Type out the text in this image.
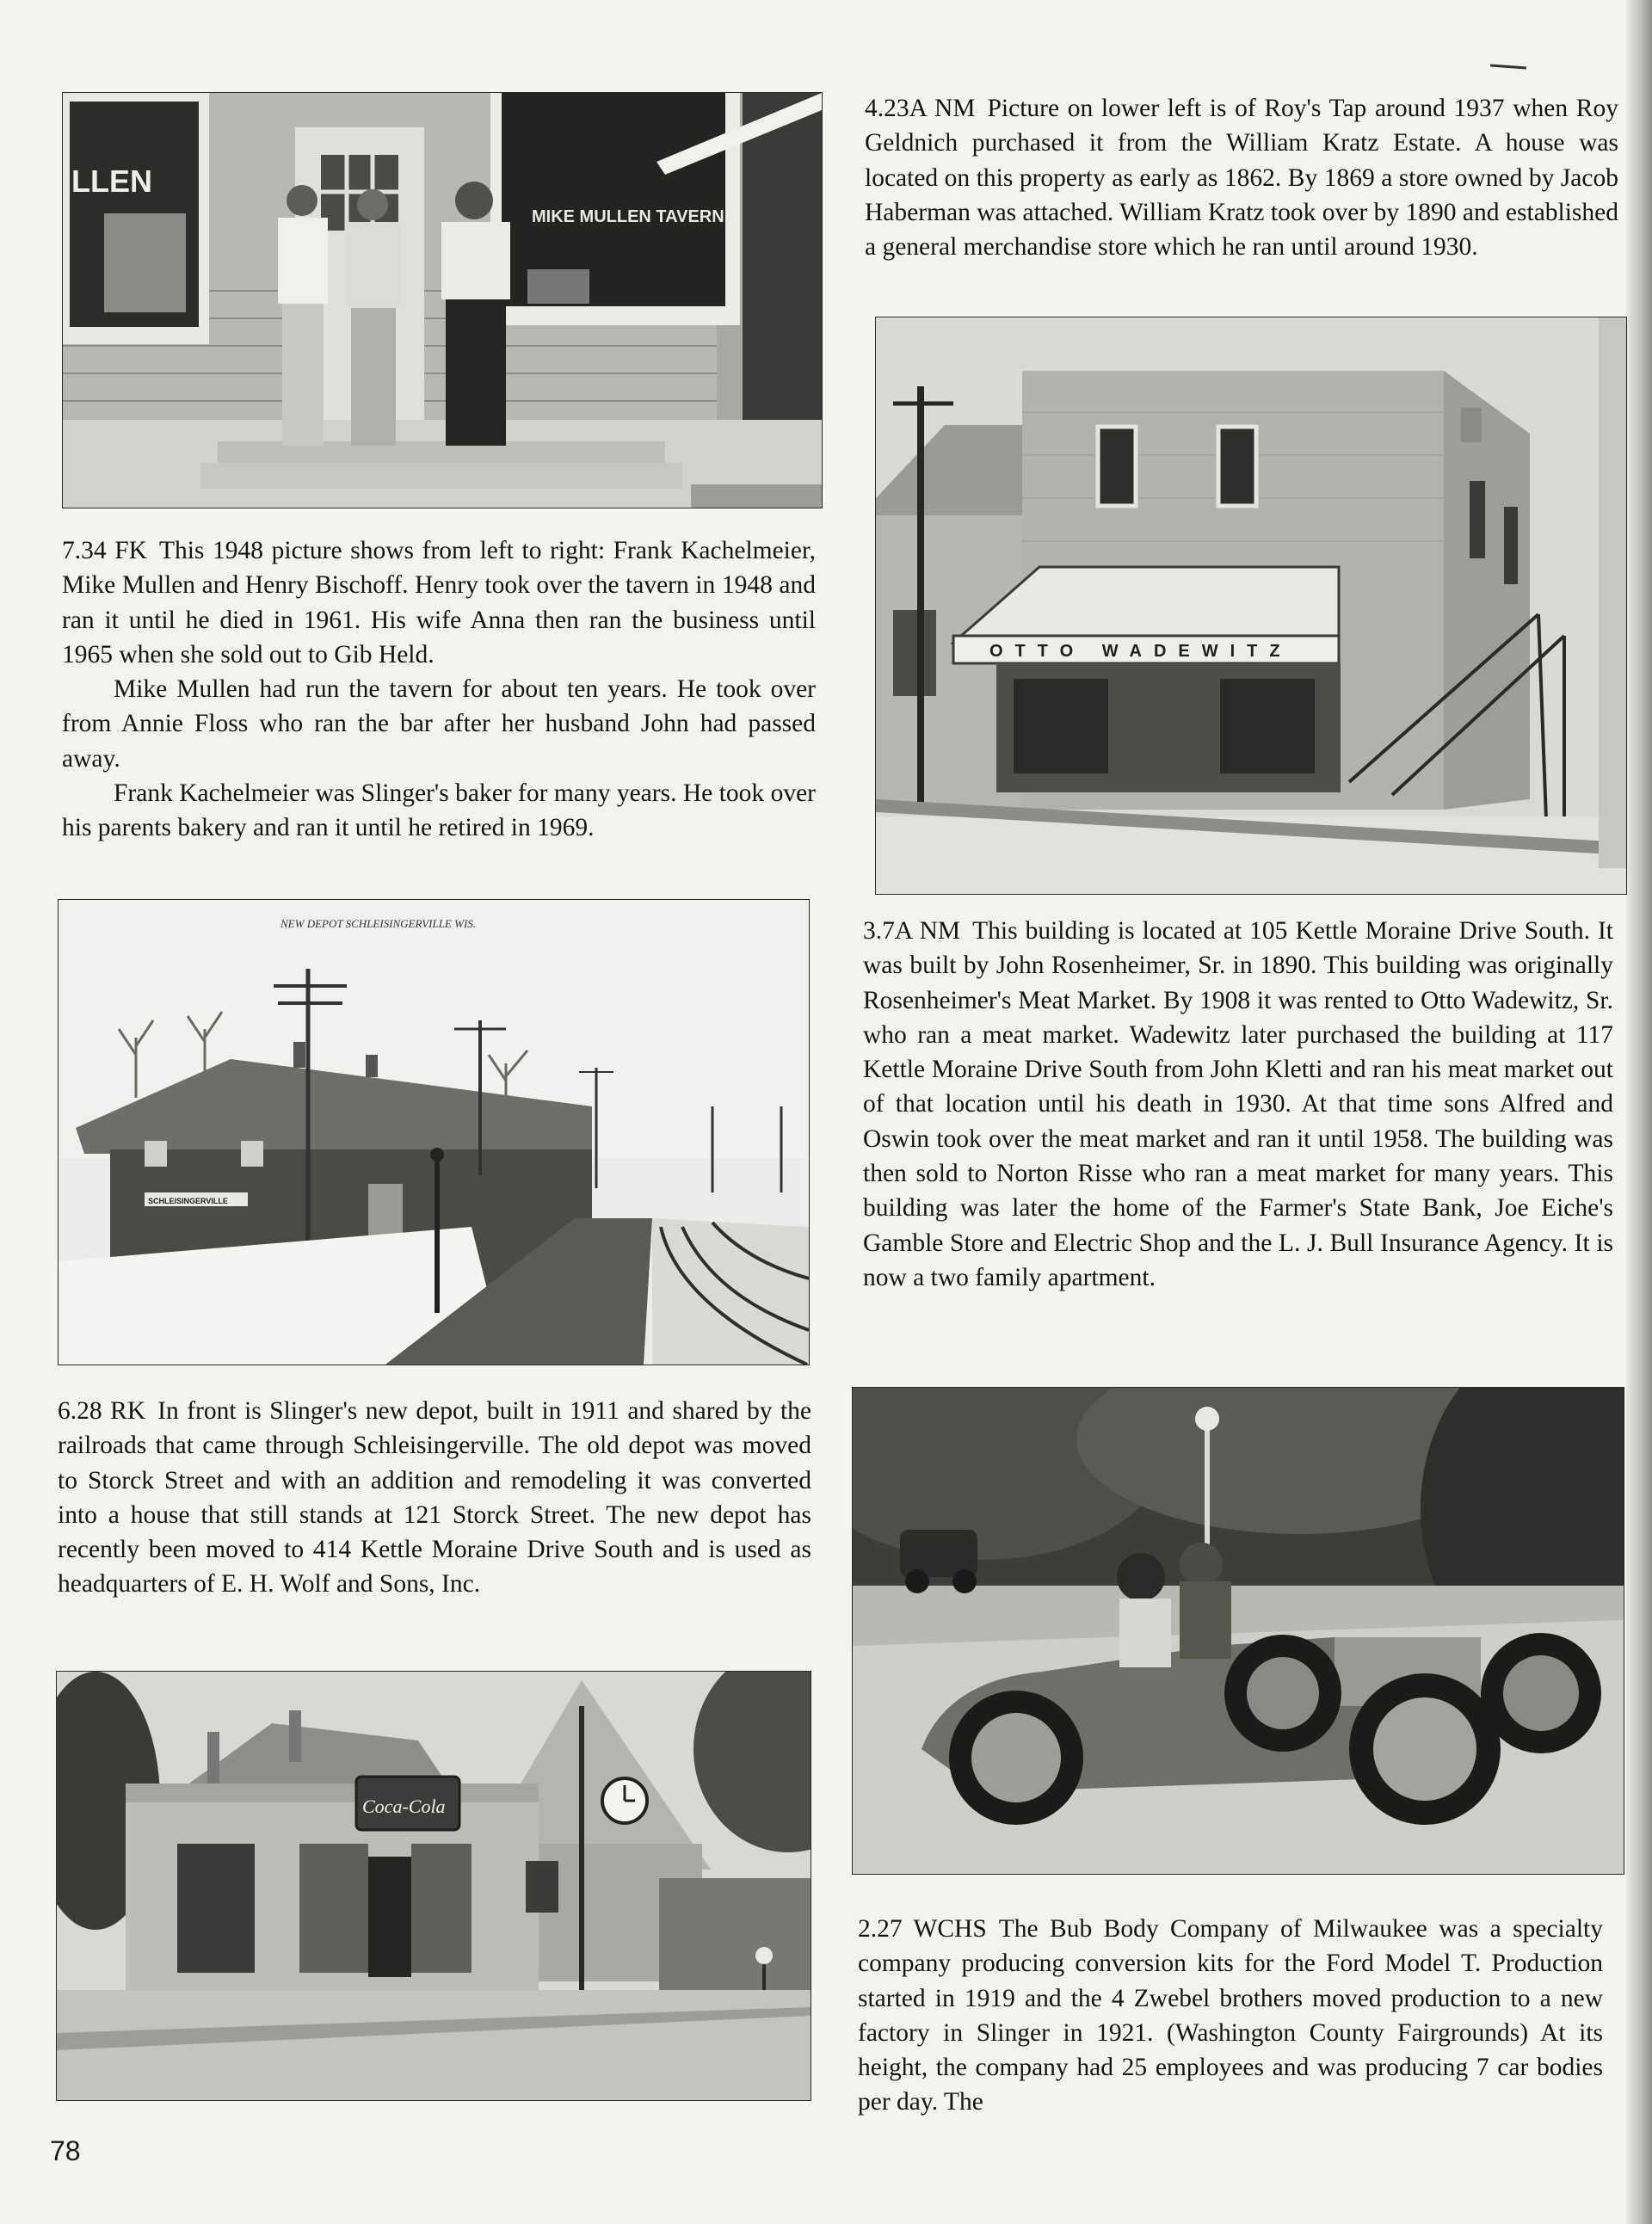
LLEN
MIKE MULLEN TAVERN

7.34 FK This 1948 picture shows from left to right: Frank Kachelmeier, Mike Mullen and Henry Bischoff. Henry took over the tavern in 1948 and ran it until he died in 1961. His wife Anna then ran the business until 1965 when she sold out to Gib Held.

Mike Mullen had run the tavern for about ten years. He took over from Annie Floss who ran the bar after her husband John had passed away.

Frank Kachelmeier was Slinger's baker for many years. He took over his parents bakery and ran it until he retired in 1969.

NEW DEPOT SCHLEISINGERVILLE WIS.
SCHLEISINGERVILLE

6.28 RK In front is Slinger's new depot, built in 1911 and shared by the railroads that came through Schleisingerville. The old depot was moved to Storck Street and with an addition and remodeling it was converted into a house that still stands at 121 Storck Street. The new depot has recently been moved to 414 Kettle Moraine Drive South and is used as headquarters of E. H. Wolf and Sons, Inc.

Coca-Cola

4.23A NM Picture on lower left is of Roy's Tap around 1937 when Roy Geldnich purchased it from the William Kratz Estate. A house was located on this property as early as 1862. By 1869 a store owned by Jacob Haberman was attached. William Kratz took over by 1890 and established a general merchandise store which he ran until around 1930.

OTTO WADEWITZ

3.7A NM This building is located at 105 Kettle Moraine Drive South. It was built by John Rosenheimer, Sr. in 1890. This building was originally Rosenheimer's Meat Market. By 1908 it was rented to Otto Wadewitz, Sr. who ran a meat market. Wadewitz later purchased the building at 117 Kettle Moraine Drive South from John Kletti and ran his meat market out of that location until his death in 1930. At that time sons Alfred and Oswin took over the meat market and ran it until 1958. The building was then sold to Norton Risse who ran a meat market for many years. This building was later the home of the Farmer's State Bank, Joe Eiche's Gamble Store and Electric Shop and the L. J. Bull Insurance Agency. It is now a two family apartment.

2.27 WCHS The Bub Body Company of Milwaukee was a specialty company producing conversion kits for the Ford Model T. Production started in 1919 and the 4 Zwebel brothers moved production to a new factory in Slinger in 1921. (Washington County Fairgrounds) At its height, the company had 25 employees and was producing 7 car bodies per day. The

78
